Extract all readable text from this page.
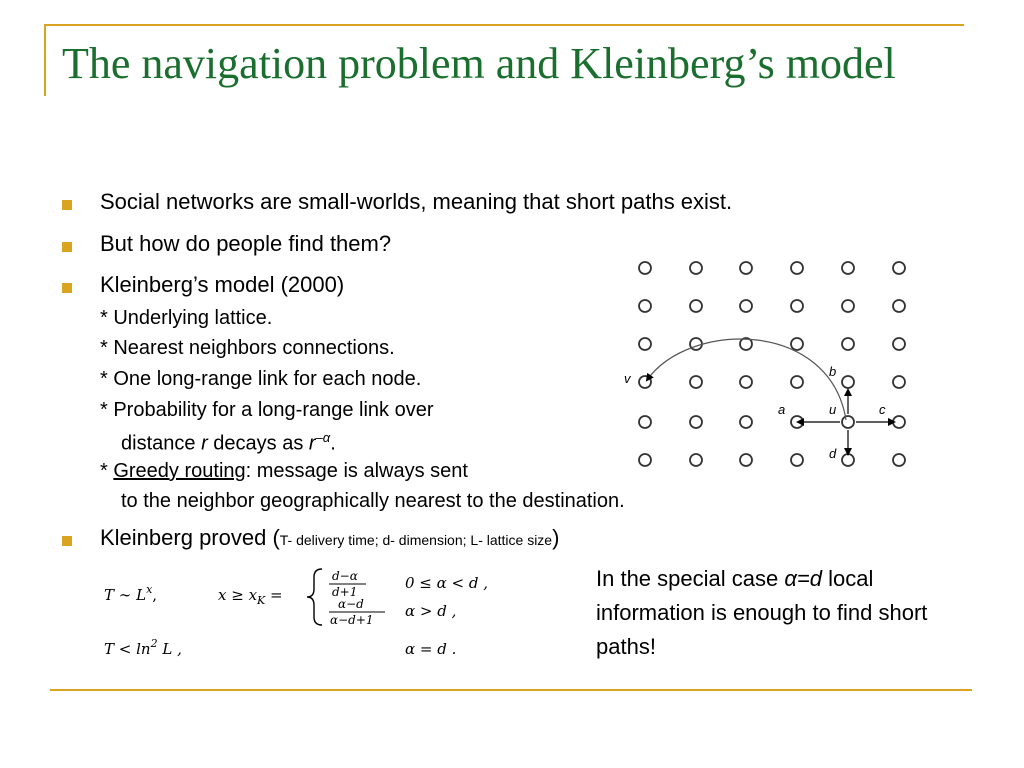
The navigation problem and Kleinberg’s model
Social networks are small-worlds, meaning that short paths exist.
But how do people find them?
Kleinberg’s model (2000)
* Underlying lattice.
* Nearest neighbors connections.
* One long-range link for each node.
* Probability for a long-range link over
distance r decays as $r^{-\alpha}$.
* Greedy routing: message is always sent
to the neighbor geographically nearest to the destination.
Kleinberg proved (T- delivery time; d- dimension; L- lattice size)
v	b
a	u	c
d
T ∼ $L^x$,	$x \ge x_K$ =
d−α
d+1	0 ≤ α < d ,
α−d
α−d+1 α > d ,
$T < \ln^2 L$ ,	α = d .
In the special case α=d local information is enough to find short paths!
